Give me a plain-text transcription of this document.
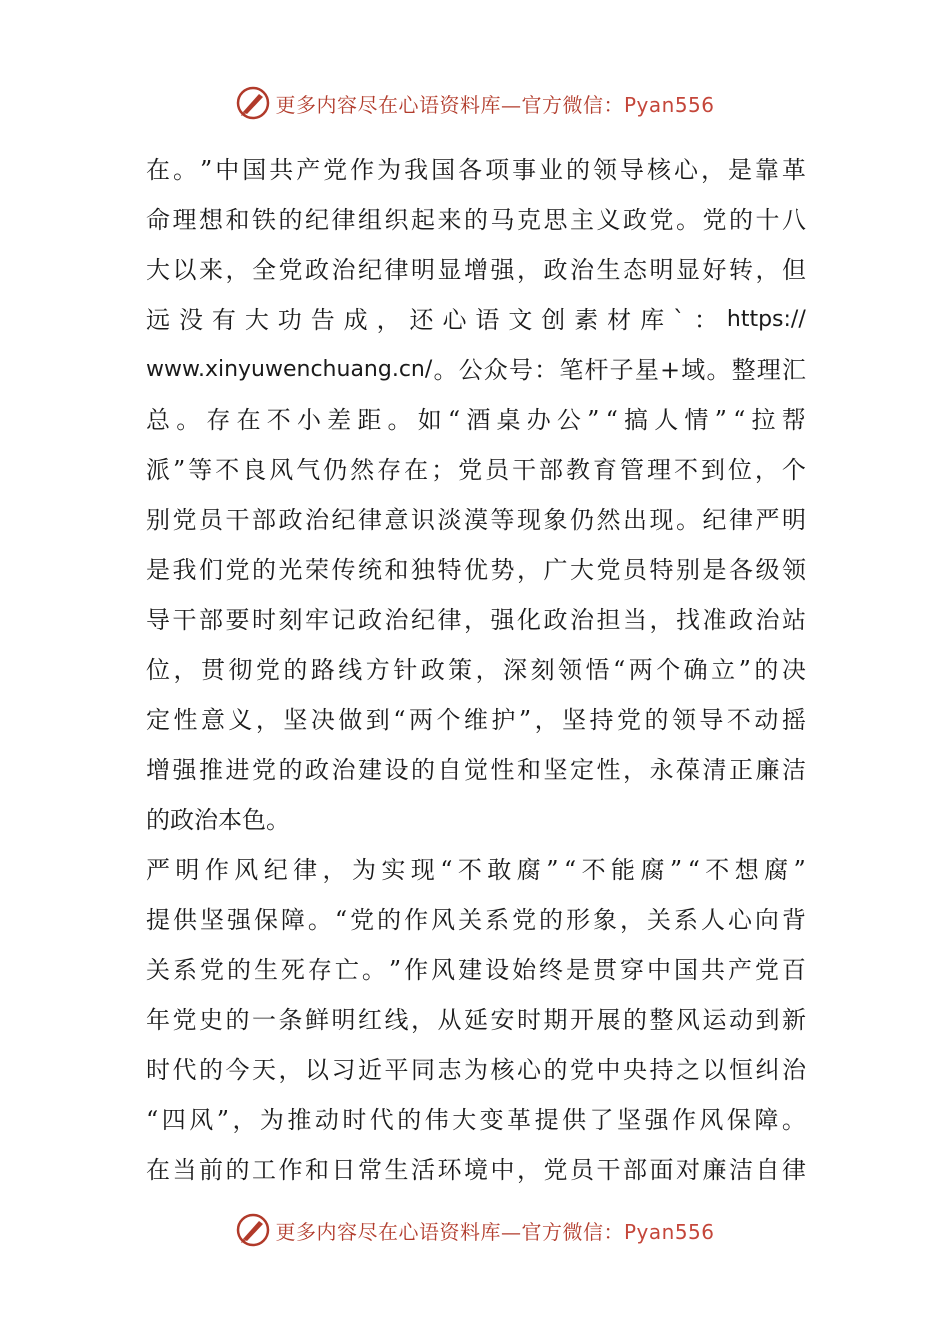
更多内容尽在心语资料库—官方微信：Pyan556
在 。 ” 中 国 共 产 党 作 为 我 国 各 项 事 业 的 领 导 核 心 ， 是 靠 革
命 理 想 和 铁 的 纪 律 组 织 起 来 的 马 克 思 主 义 政 党 。 党 的 十 八
大 以 来 ， 全 党 政 治 纪 律 明 显 增 强 ， 政 治 生 态 明 显 好 转 ， 但
远 没 有 大 功 告 成 ， 还 心 语 文 创 素 材 库 ` ： https://
www.xinyuwenchuang.cn/ 。 公 众 号 ： 笔 杆 子 星 + 域 。 整 理 汇
总 。 存 在 不 小 差 距 。 如 “ 酒 桌 办 公 ” “ 搞 人 情 ” “ 拉 帮
派 ” 等 不 良 风 气 仍 然 存 在 ； 党 员 干 部 教 育 管 理 不 到 位 ， 个
别 党 员 干 部 政 治 纪 律 意 识 淡 漠 等 现 象 仍 然 出 现 。 纪 律 严 明
是 我 们 党 的 光 荣 传 统 和 独 特 优 势 ， 广 大 党 员 特 别 是 各 级 领
导 干 部 要 时 刻 牢 记 政 治 纪 律 ， 强 化 政 治 担 当 ， 找 准 政 治 站
位 ， 贯 彻 党 的 路 线 方 针 政 策 ， 深 刻 领 悟 “ 两 个 确 立 ” 的 决
定 性 意 义 ， 坚 决 做 到 “ 两 个 维 护 ” ， 坚 持 党 的 领 导 不 动 摇
增 强 推 进 党 的 政 治 建 设 的 自 觉 性 和 坚 定 性 ， 永 葆 清 正 廉 洁
的政治本色。
严 明 作 风 纪 律 ， 为 实 现 “ 不 敢 腐 ” “ 不 能 腐 ” “ 不 想 腐 ”
提 供 坚 强 保 障 。 “ 党 的 作 风 关 系 党 的 形 象 ， 关 系 人 心 向 背
关 系 党 的 生 死 存 亡 。 ” 作 风 建 设 始 终 是 贯 穿 中 国 共 产 党 百
年 党 史 的 一 条 鲜 明 红 线 ， 从 延 安 时 期 开 展 的 整 风 运 动 到 新
时 代 的 今 天 ， 以 习 近 平 同 志 为 核 心 的 党 中 央 持 之 以 恒 纠 治
“ 四 风 ” ， 为 推 动 时 代 的 伟 大 变 革 提 供 了 坚 强 作 风 保 障 。
在 当 前 的 工 作 和 日 常 生 活 环 境 中 ， 党 员 干 部 面 对 廉 洁 自 律
更多内容尽在心语资料库—官方微信：Pyan556
